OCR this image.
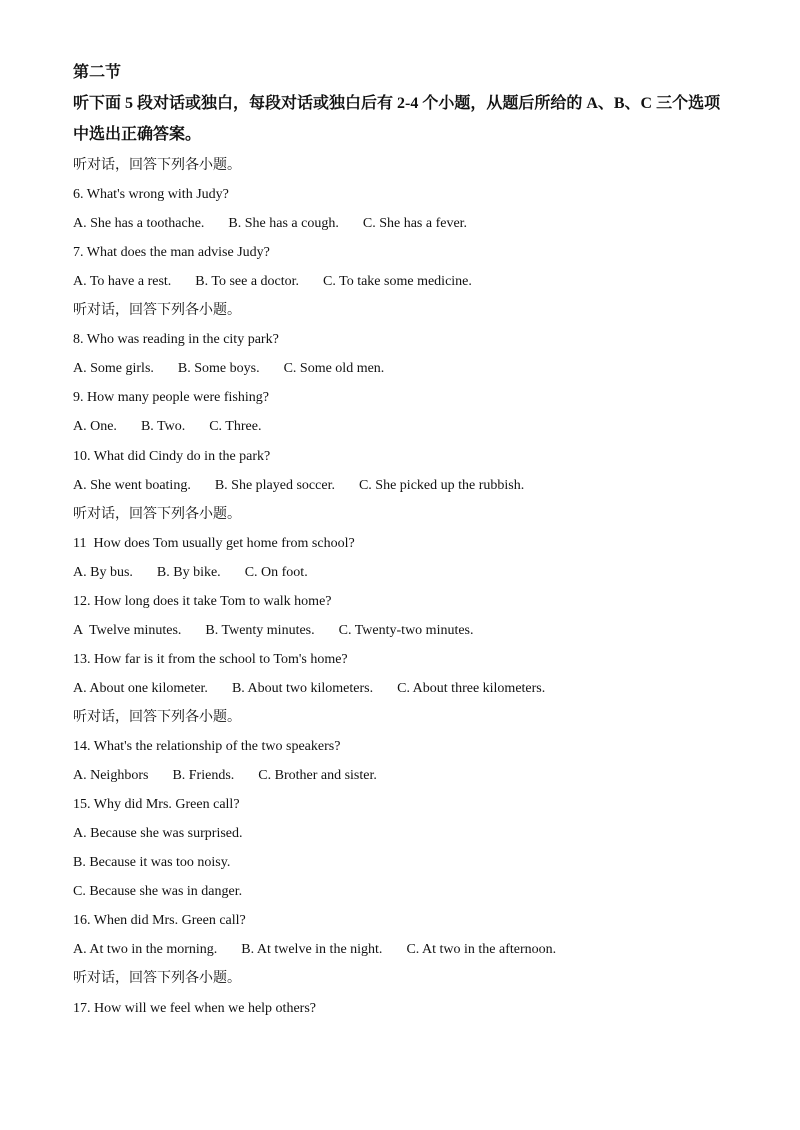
第二节
听下面 5 段对话或独白，每段对话或独白后有 2-4 个小题，从题后所给的 A、B、C 三个选项
中选出正确答案。
听对话，回答下列各小题。
6. What's wrong with Judy?
A. She has a toothache. B. She has a cough. C. She has a fever.
7. What does the man advise Judy?
A. To have a rest. B. To see a doctor. C. To take some medicine.
听对话，回答下列各小题。
8. Who was reading in the city park?
A. Some girls. B. Some boys. C. Some old men.
9. How many people were fishing?
A. One. B. Two. C. Three.
10. What did Cindy do in the park?
A. She went boating. B. She played soccer. C. She picked up the rubbish.
听对话，回答下列各小题。
11  How does Tom usually get home from school?
A. By bus. B. By bike. C. On foot.
12. How long does it take Tom to walk home?
A  Twelve minutes. B. Twenty minutes. C. Twenty-two minutes.
13. How far is it from the school to Tom's home?
A. About one kilometer. B. About two kilometers. C. About three kilometers.
听对话，回答下列各小题。
14. What's the relationship of the two speakers?
A. Neighbors B. Friends. C. Brother and sister.
15. Why did Mrs. Green call?
A. Because she was surprised.
B. Because it was too noisy.
C. Because she was in danger.
16. When did Mrs. Green call?
A. At two in the morning. B. At twelve in the night. C. At two in the afternoon.
听对话，回答下列各小题。
17. How will we feel when we help others?
